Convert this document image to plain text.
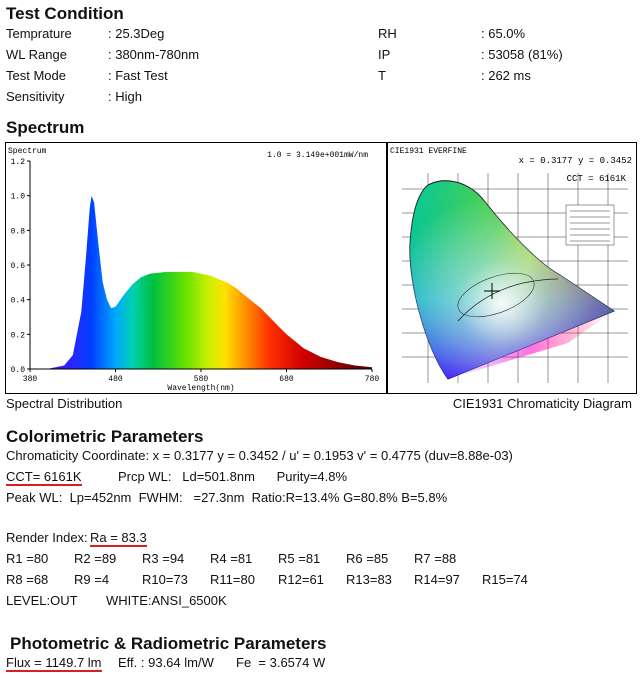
Test Condition
Temprature	: 25.3Deg
WL Range	: 380nm-780nm
Test Mode	: Fast Test
Sensitivity	: High
RH	: 65.0%
IP	: 53058 (81%)
T	: 262 ms
Spectrum
Spectrum	1.0 = 3.149e+001mW/nm
0.0
0.2
0.4
0.6
0.8
1.0
1.2
380	480	580	680	780
Wavelength(nm)
CIE1931 EVERFINE
x = 0.3177 y = 0.3452
CCT = 6161K
Spectral Distribution	CIE1931 Chromaticity Diagram
Colorimetric Parameters
Chromaticity Coordinate: x = 0.3177 y = 0.3452 / u' = 0.1953 v' = 0.4775 (duv=8.88e-03)
CCT= 6161K	Prcp WL:   Ld=501.8nm      Purity=4.8%
Peak WL:  Lp=452nm  FWHM:   =27.3nm  Ratio:R=13.4% G=80.8% B=5.8%
Render Index:
Ra = 83.3
R1 =80 R2 =89 R3 =94 R4 =81 R5 =81 R6 =85 R7 =88
R8 =68 R9 =4	R10=73 R11=80 R12=61 R13=83 R14=97 R15=74
LEVEL:OUT WHITE:ANSI_6500K
Photometric & Radiometric Parameters
Flux = 1149.7 lm Eff. : 93.64 lm/W Fe  = 3.6574 W
